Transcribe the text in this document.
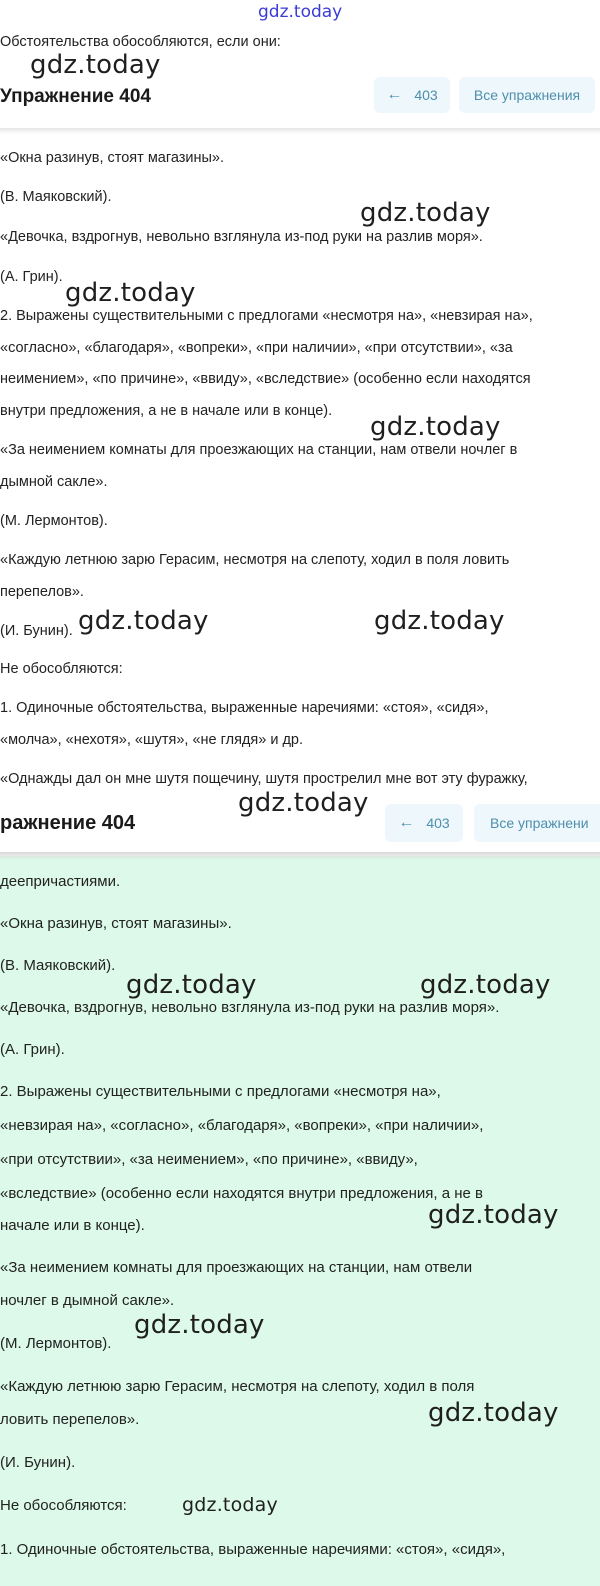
gdz.today
Обстоятельства обособляются, если они:
Упражнение 404	← 403	Все упражнения
«Окна разинув, стоят магазины».
(В. Маяковский).
«Девочка, вздрогнув, невольно взглянула из-под руки на разлив моря».
(А. Грин).
2. Выражены существительными с предлогами «несмотря на», «невзирая на»,
«согласно», «благодаря», «вопреки», «при наличии», «при отсутствии», «за
неимением», «по причине», «ввиду», «вследствие» (особенно если находятся
внутри предложения, а не в начале или в конце).
«За неимением комнаты для проезжающих на станции, нам отвели ночлег в
дымной сакле».
(М. Лермонтов).
«Каждую летнюю зарю Герасим, несмотря на слепоту, ходил в поля ловить
перепелов».
(И. Бунин).
Не обособляются:
1. Одиночные обстоятельства, выраженные наречиями: «стоя», «сидя»,
«молча», «нехотя», «шутя», «не глядя» и др.
«Однажды дал он мне шутя пощечину, шутя прострелил мне вот эту фуражку,
ражнение 404	← 403	Все упражнени
деепричастиями.
«Окна разинув, стоят магазины».
(В. Маяковский).
«Девочка, вздрогнув, невольно взглянула из-под руки на разлив моря».
(А. Грин).
2. Выражены существительными с предлогами «несмотря на»,
«невзирая на», «согласно», «благодаря», «вопреки», «при наличии»,
«при отсутствии», «за неимением», «по причине», «ввиду»,
«вследствие» (особенно если находятся внутри предложения, а не в
начале или в конце).
«За неимением комнаты для проезжающих на станции, нам отвели
ночлег в дымной сакле».
(М. Лермонтов).
«Каждую летнюю зарю Герасим, несмотря на слепоту, ходил в поля
ловить перепелов».
(И. Бунин).
Не обособляются:
1. Одиночные обстоятельства, выраженные наречиями: «стоя», «сидя»,
gdz.today
gdz.today
gdz.today
gdz.today
gdz.today	gdz.today
gdz.today
gdz.today	gdz.today
gdz.today
gdz.today
gdz.today
gdz.today
